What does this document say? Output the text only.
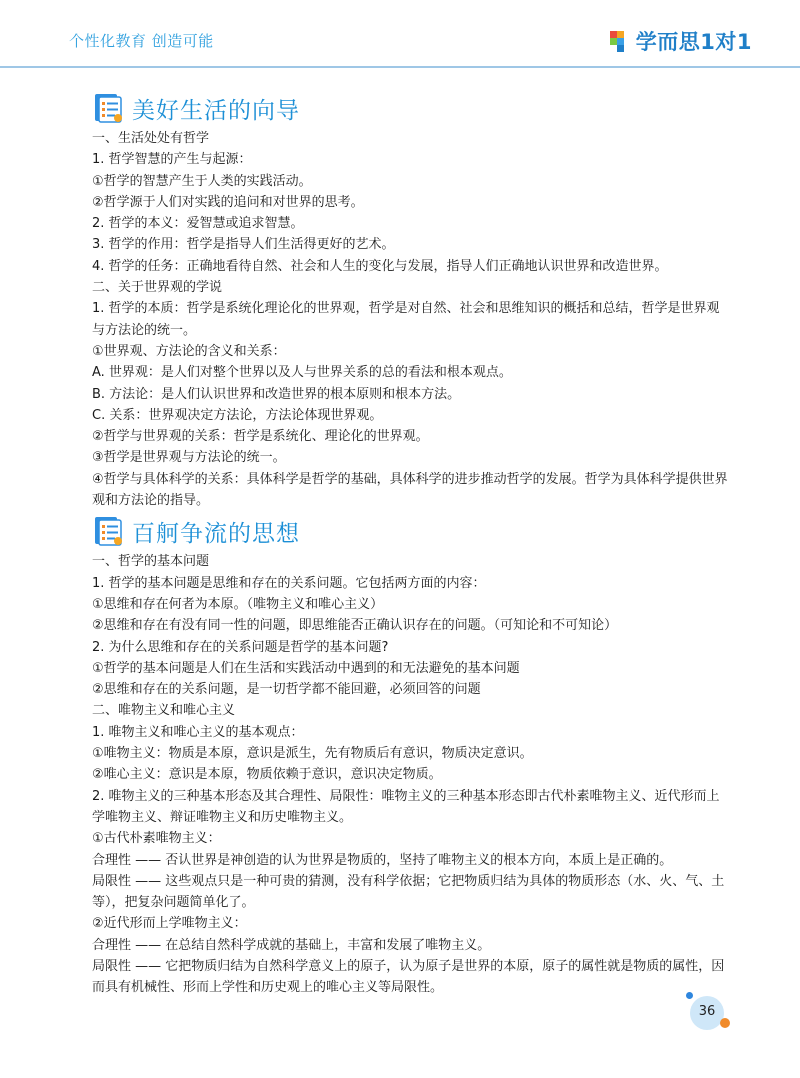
个性化教育 创造可能	学而思1对1
美好生活的向导
一、生活处处有哲学
1. 哲学智慧的产生与起源：
①哲学的智慧产生于人类的实践活动。
②哲学源于人们对实践的追问和对世界的思考。
2. 哲学的本义：爱智慧或追求智慧。
3. 哲学的作用：哲学是指导人们生活得更好的艺术。
4. 哲学的任务：正确地看待自然、社会和人生的变化与发展，指导人们正确地认识世界和改造世界。
二、关于世界观的学说
1. 哲学的本质：哲学是系统化理论化的世界观，哲学是对自然、社会和思维知识的概括和总结，哲学是世界观与方法论的统一。
①世界观、方法论的含义和关系：
A. 世界观：是人们对整个世界以及人与世界关系的总的看法和根本观点。
B. 方法论：是人们认识世界和改造世界的根本原则和根本方法。
C. 关系：世界观决定方法论，方法论体现世界观。
②哲学与世界观的关系：哲学是系统化、理论化的世界观。
③哲学是世界观与方法论的统一。
④哲学与具体科学的关系：具体科学是哲学的基础，具体科学的进步推动哲学的发展。哲学为具体科学提供世界观和方法论的指导。
百舸争流的思想
一、哲学的基本问题
1. 哲学的基本问题是思维和存在的关系问题。它包括两方面的内容：
①思维和存在何者为本原。（唯物主义和唯心主义）
②思维和存在有没有同一性的问题，即思维能否正确认识存在的问题。（可知论和不可知论）
2. 为什么思维和存在的关系问题是哲学的基本问题?
①哲学的基本问题是人们在生活和实践活动中遇到的和无法避免的基本问题
②思维和存在的关系问题，是一切哲学都不能回避，必须回答的问题
二、唯物主义和唯心主义
1. 唯物主义和唯心主义的基本观点：
①唯物主义：物质是本原，意识是派生，先有物质后有意识，物质决定意识。
②唯心主义：意识是本原，物质依赖于意识，意识决定物质。
2. 唯物主义的三种基本形态及其合理性、局限性：唯物主义的三种基本形态即古代朴素唯物主义、近代形而上学唯物主义、辩证唯物主义和历史唯物主义。
①古代朴素唯物主义：
合理性 —— 否认世界是神创造的认为世界是物质的，坚持了唯物主义的根本方向，本质上是正确的。
局限性 —— 这些观点只是一种可贵的猜测，没有科学依据；它把物质归结为具体的物质形态（水、火、气、土等），把复杂问题简单化了。
②近代形而上学唯物主义：
合理性 —— 在总结自然科学成就的基础上，丰富和发展了唯物主义。
局限性 —— 它把物质归结为自然科学意义上的原子，认为原子是世界的本原，原子的属性就是物质的属性，因而具有机械性、形而上学性和历史观上的唯心主义等局限性。
36
